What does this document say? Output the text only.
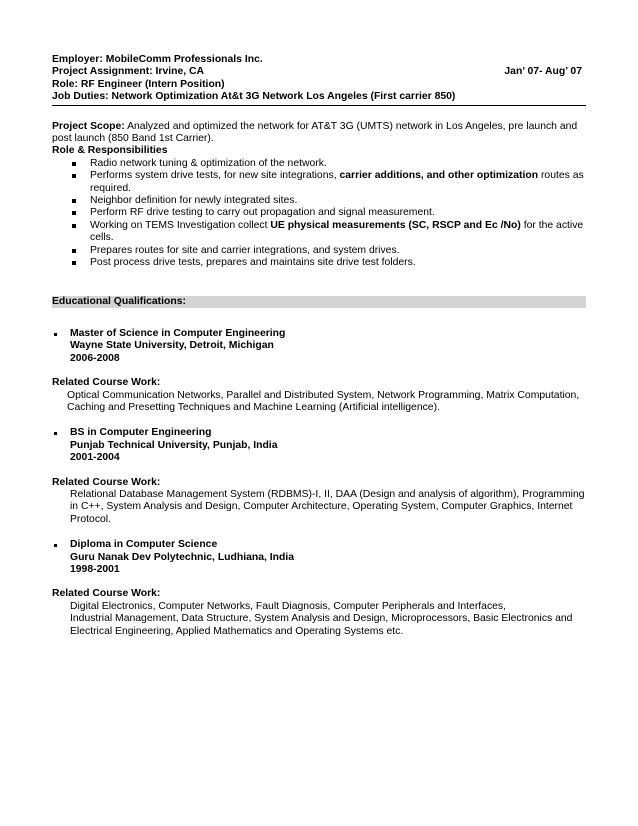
Employer: MobileComm Professionals Inc.
Project Assignment: Irvine, CA	Jan’ 07- Aug’ 07
Role: RF Engineer (Intern Position)
Job Duties: Network Optimization At&t 3G Network Los Angeles (First carrier 850)
Project Scope: Analyzed and optimized the network for AT&T 3G (UMTS) network in Los Angeles, pre launch and post launch (850 Band 1st Carrier).
Role & Responsibilities
Radio network tuning & optimization of the network.
Performs system drive tests, for new site integrations, carrier additions, and other optimization routes as required.
Neighbor definition for newly integrated sites.
Perform RF drive testing to carry out propagation and signal measurement.
Working on TEMS Investigation collect UE physical measurements (SC, RSCP and Ec /No) for the active cells.
Prepares routes for site and carrier integrations, and system drives.
Post process drive tests, prepares and maintains site drive test folders.
Educational Qualifications:
Master of Science in Computer Engineering
Wayne State University, Detroit, Michigan
2006-2008
Related Course Work:
Optical Communication Networks, Parallel and Distributed System, Network Programming, Matrix Computation, Caching and Presetting Techniques and Machine Learning (Artificial intelligence).
BS in Computer Engineering
Punjab Technical University, Punjab, India
2001-2004
Related Course Work:
Relational Database Management System (RDBMS)-I, II, DAA (Design and analysis of algorithm), Programming in C++, System Analysis and Design, Computer Architecture, Operating System, Computer Graphics, Internet Protocol.
Diploma in Computer Science
Guru Nanak Dev Polytechnic, Ludhiana, India
1998-2001
Related Course Work:
Digital Electronics, Computer Networks, Fault Diagnosis, Computer Peripherals and Interfaces,
Industrial Management, Data Structure, System Analysis and Design, Microprocessors, Basic Electronics and Electrical Engineering, Applied Mathematics and Operating Systems etc.
